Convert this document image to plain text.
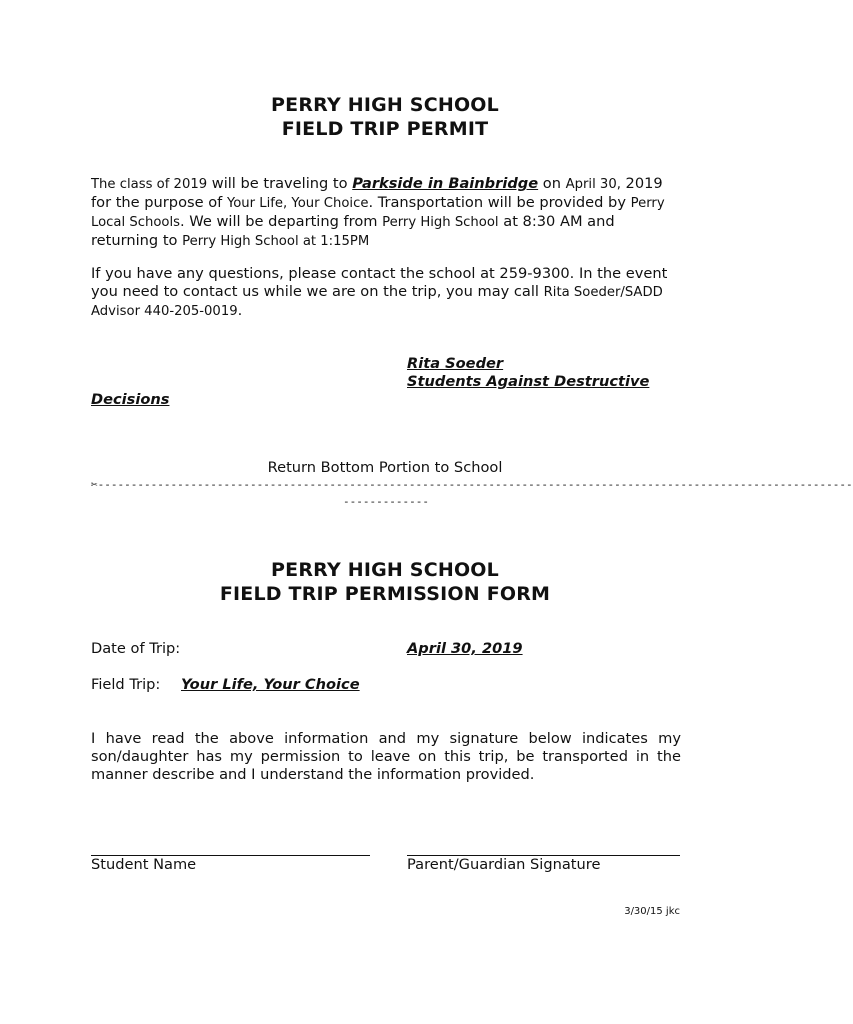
PERRY HIGH SCHOOL
FIELD TRIP PERMIT
The class of 2019 will be traveling to Parkside in Bainbridge on April 30, 2019 for the purpose of Your Life, Your Choice. Transportation will be provided by Perry Local Schools. We will be departing from Perry High School at 8:30 AM and returning to Perry High School at 1:15PM
If you have any questions, please contact the school at 259-9300. In the event you need to contact us while we are on the trip, you may call Rita Soeder/SADD Advisor 440-205-0019.
Rita Soeder
Students Against Destructive
Decisions
Return Bottom Portion to School
✂------------------------------------------------------------------------------------------------------------------
-------------
PERRY HIGH SCHOOL
FIELD TRIP PERMISSION FORM
Date of Trip:	April 30, 2019
Field Trip: Your Life, Your Choice
I have read the above information and my signature below indicates my son/daughter has my permission to leave on this trip, be transported in the manner describe and I understand the information provided.
Student Name	Parent/Guardian Signature
3/30/15 jkc
